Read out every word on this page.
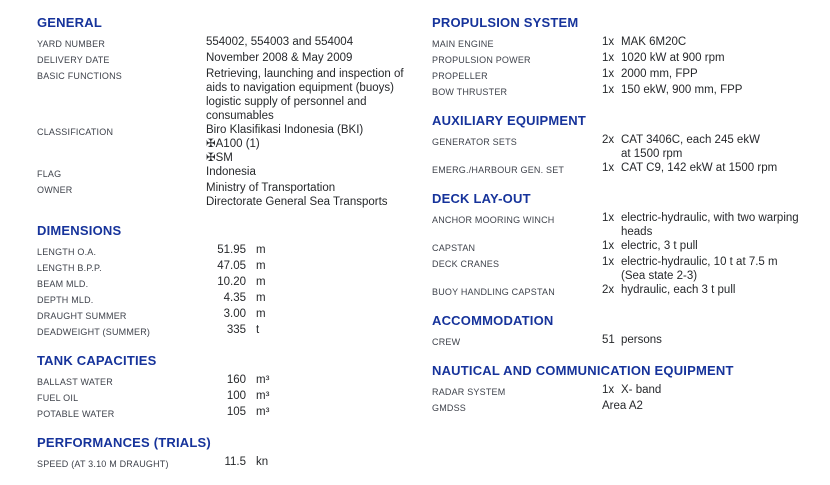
GENERAL
YARD NUMBER	554002, 554003 and 554004
DELIVERY DATE	November 2008 & May 2009
BASIC FUNCTIONS	Retrieving, launching and inspection of
aids to navigation equipment (buoys)
logistic supply of personnel and
consumables
CLASSIFICATION	Biro Klasifikasi Indonesia (BKI)
✠A100 (1)
✠SM
FLAG	Indonesia
OWNER	Ministry of Transportation
Directorate General Sea Transports
DIMENSIONS
LENGTH O.A.	51.95 m
LENGTH B.P.P.	47.05 m
BEAM MLD.	10.20 m
DEPTH MLD.	4.35 m
DRAUGHT SUMMER	3.00 m
DEADWEIGHT (SUMMER)	335 t
TANK CAPACITIES
BALLAST WATER	160 m³
FUEL OIL	100 m³
POTABLE WATER	105 m³
PERFORMANCES (TRIALS)
SPEED (AT 3.10 M DRAUGHT)	11.5 kn
PROPULSION SYSTEM
MAIN ENGINE	1x MAK 6M20C
PROPULSION POWER	1x 1020 kW at 900 rpm
PROPELLER	1x 2000 mm, FPP
BOW THRUSTER	1x 150 ekW, 900 mm, FPP
AUXILIARY EQUIPMENT
GENERATOR SETS	2x CAT 3406C, each 245 ekW
at 1500 rpm
EMERG./HARBOUR GEN. SET	1x CAT C9, 142 ekW at 1500 rpm
DECK LAY-OUT
ANCHOR MOORING WINCH	1x electric-hydraulic, with two warping
heads
CAPSTAN	1x electric, 3 t pull
DECK CRANES	1x electric-hydraulic, 10 t at 7.5 m
(Sea state 2-3)
BUOY HANDLING CAPSTAN	2x hydraulic, each 3 t pull
ACCOMMODATION
CREW	51 persons
NAUTICAL AND COMMUNICATION EQUIPMENT
RADAR SYSTEM	1x X- band
GMDSS	Area A2
